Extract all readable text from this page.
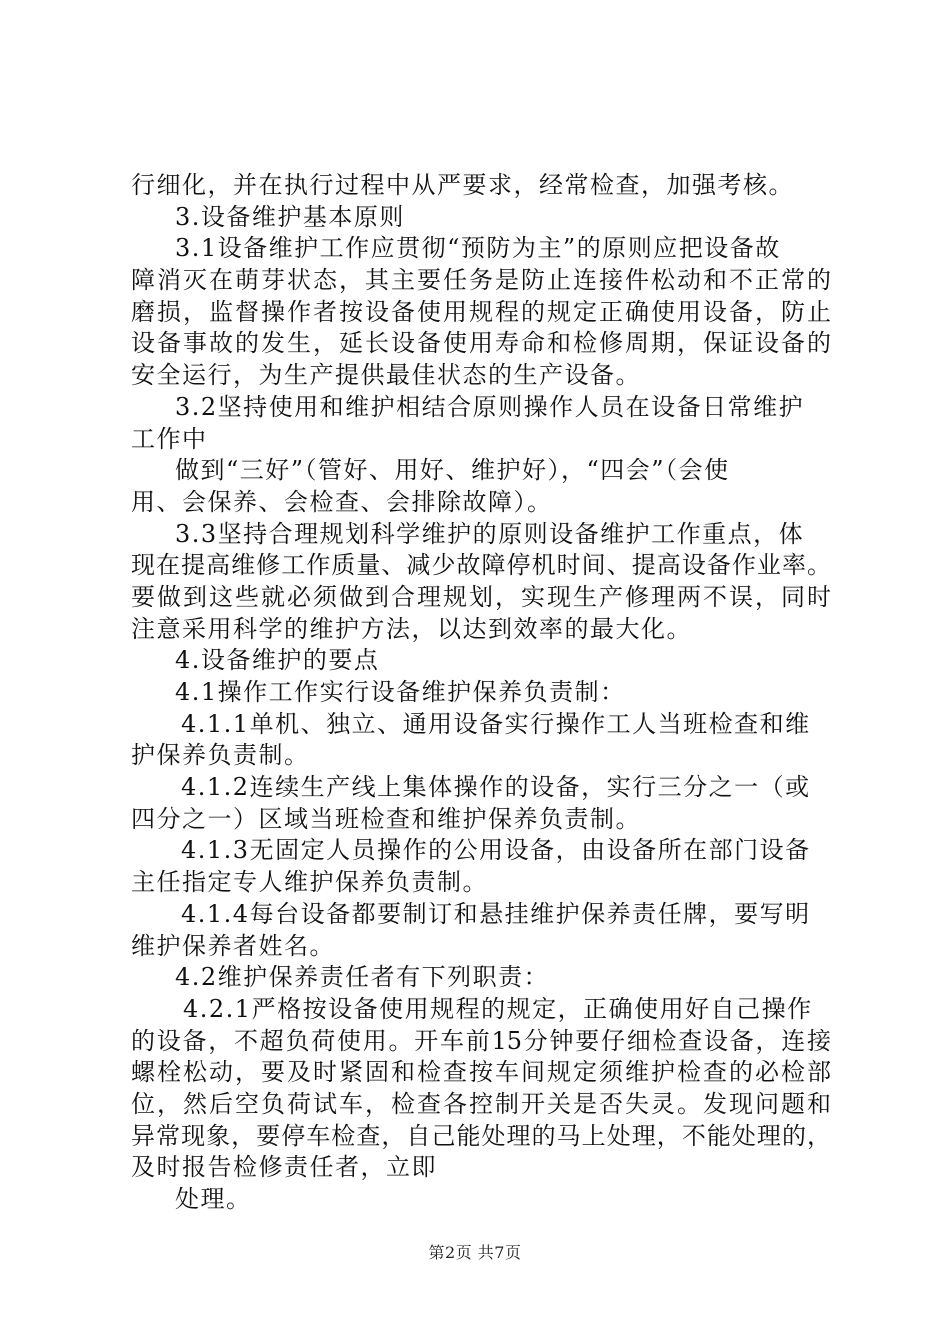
行细化，并在执行过程中从严要求，经常检查，加强考核。
3.设备维护基本原则
3.1设备维护工作应贯彻“预防为主”的原则应把设备故
障消灭在萌芽状态，其主要任务是防止连接件松动和不正常的
磨损，监督操作者按设备使用规程的规定正确使用设备，防止
设备事故的发生，延长设备使用寿命和检修周期，保证设备的
安全运行，为生产提供最佳状态的生产设备。
3.2坚持使用和维护相结合原则操作人员在设备日常维护
工作中
做到“三好”（管好、用好、维护好），“四会”（会使
用、会保养、会检查、会排除故障）。
3.3坚持合理规划科学维护的原则设备维护工作重点，体
现在提高维修工作质量、减少故障停机时间、提高设备作业率。
要做到这些就必须做到合理规划，实现生产修理两不误，同时
注意采用科学的维护方法，以达到效率的最大化。
4.设备维护的要点
4.1操作工作实行设备维护保养负责制：
4.1.1单机、独立、通用设备实行操作工人当班检查和维
护保养负责制。
4.1.2连续生产线上集体操作的设备，实行三分之一（或
四分之一）区域当班检查和维护保养负责制。
4.1.3无固定人员操作的公用设备，由设备所在部门设备
主任指定专人维护保养负责制。
4.1.4每台设备都要制订和悬挂维护保养责任牌，要写明
维护保养者姓名。
4.2维护保养责任者有下列职责：
4.2.1严格按设备使用规程的规定，正确使用好自己操作
的设备，不超负荷使用。开车前15分钟要仔细检查设备，连接
螺栓松动，要及时紧固和检查按车间规定须维护检查的必检部
位，然后空负荷试车，检查各控制开关是否失灵。发现问题和
异常现象，要停车检查，自己能处理的马上处理，不能处理的，
及时报告检修责任者，立即
处理。
第2页 共7页
